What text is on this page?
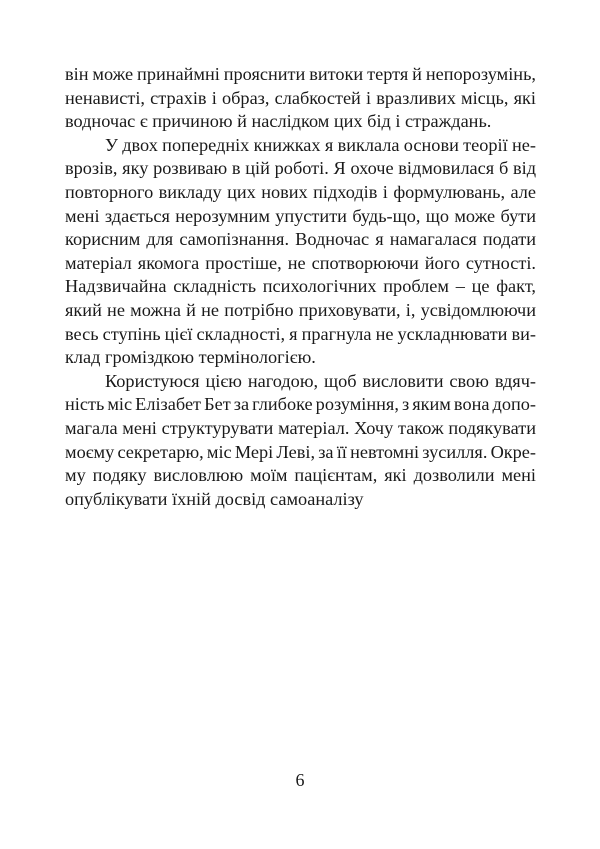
він може принаймні прояснити витоки тертя й непорозумінь,
ненависті, страхів і образ, слабкостей і вразливих місць, які
водночас є причиною й наслідком цих бід і страждань.
У двох попередніх книжках я виклала основи теорії не-
врозів, яку розвиваю в цій роботі. Я охоче відмовилася б від
повторного викладу цих нових підходів і формулювань, але
мені здається нерозумним упустити будь-що, що може бути
корисним для самопізнання. Водночас я намагалася подати
матеріал якомога простіше, не спотворюючи його сутності.
Надзвичайна складність психологічних проблем – це факт,
який не можна й не потрібно приховувати, і, усвідомлюючи
весь ступінь цієї складності, я прагнула не ускладнювати ви-
клад громіздкою термінологією.
Користуюся цією нагодою, щоб висловити свою вдяч-
ність міс Елізабет Бет за глибоке розуміння, з яким вона допо-
магала мені структурувати матеріал. Хочу також подякувати
моєму секретарю, міс Мері Леві, за її невтомні зусилля. Окре-
му подяку висловлюю моїм пацієнтам, які дозволили мені
опублікувати їхній досвід самоаналізу
6
